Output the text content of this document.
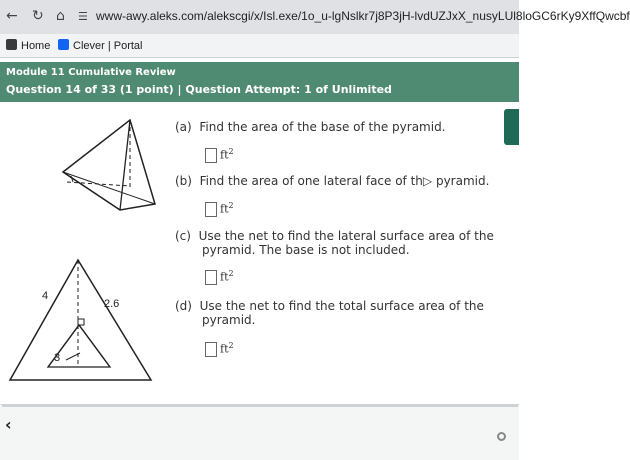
← ↻ ⌂ ☰ www-awy.aleks.com/alekscgi/x/Isl.exe/1o_u-lgNslkr7j8P3jH-lvdUZJxX_nusyLUl8loGC6rKy9XffQwcbf
Home	Clever | Portal
Module 11 Cumulative Review
Question 14 of 33 (1 point) | Question Attempt: 1 of Unlimited
4
2.6
3
(a) Find the area of the base of the pyramid.
$ft^2$
(b) Find the area of one lateral face of th▷ pyramid.
$ft^2$
(c) Use the net to find the lateral surface area of the
pyramid. The base is not included.
$ft^2$
(d) Use the net to find the total surface area of the
pyramid.
$ft^2$
‹
